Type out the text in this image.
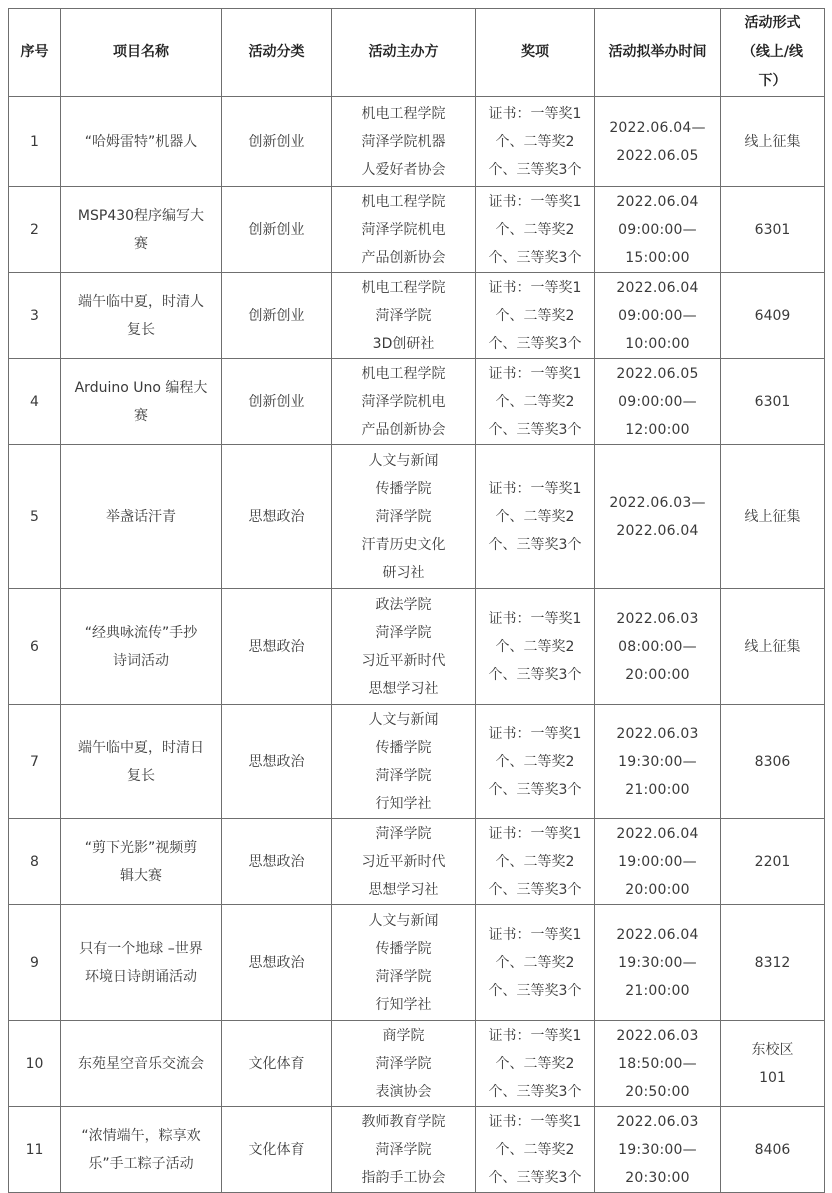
序号	项目名称	活动分类	活动主办方	奖项	活动拟举办时间	活动形式
（线上/线
下）

1	“哈姆雷特”机器人	创新创业	机电工程学院
菏泽学院机器
人爱好者协会	证书：一等奖1
个、二等奖2
个、三等奖3个	2022.06.04—
2022.06.05	线上征集

2	MSP430程序编写大
赛	创新创业	机电工程学院
菏泽学院机电
产品创新协会	证书：一等奖1
个、二等奖2
个、三等奖3个	2022.06.04
09:00:00—
15:00:00	6301

3	端午临中夏，时清人
复长	创新创业	机电工程学院
菏泽学院
3D创研社	证书：一等奖1
个、二等奖2
个、三等奖3个	2022.06.04
09:00:00—
10:00:00	6409

4	Arduino Uno 编程大
赛	创新创业	机电工程学院
菏泽学院机电
产品创新协会	证书：一等奖1
个、二等奖2
个、三等奖3个	2022.06.05
09:00:00—
12:00:00	6301

5	举盏话汗青	思想政治	人文与新闻
传播学院
菏泽学院
汗青历史文化
研习社	证书：一等奖1
个、二等奖2
个、三等奖3个	2022.06.03—
2022.06.04	线上征集

6	“经典咏流传”手抄
诗词活动	思想政治	政法学院
菏泽学院
习近平新时代
思想学习社	证书：一等奖1
个、二等奖2
个、三等奖3个	2022.06.03
08:00:00—
20:00:00	线上征集

7	端午临中夏，时清日
复长	思想政治	人文与新闻
传播学院
菏泽学院
行知学社	证书：一等奖1
个、二等奖2
个、三等奖3个	2022.06.03
19:30:00—
21:00:00	8306

8	“剪下光影”视频剪
辑大赛	思想政治	菏泽学院
习近平新时代
思想学习社	证书：一等奖1
个、二等奖2
个、三等奖3个	2022.06.04
19:00:00—
20:00:00	2201

9	只有一个地球 –世界
环境日诗朗诵活动	思想政治	人文与新闻
传播学院
菏泽学院
行知学社	证书：一等奖1
个、二等奖2
个、三等奖3个	2022.06.04
19:30:00—
21:00:00	8312

10	东苑星空音乐交流会	文化体育	商学院
菏泽学院
表演协会	证书：一等奖1
个、二等奖2
个、三等奖3个	2022.06.03
18:50:00—
20:50:00	东校区
101

11	“浓情端午，粽享欢
乐”手工粽子活动	文化体育	教师教育学院
菏泽学院
指韵手工协会	证书：一等奖1
个、二等奖2
个、三等奖3个	2022.06.03
19:30:00—
20:30:00	8406
